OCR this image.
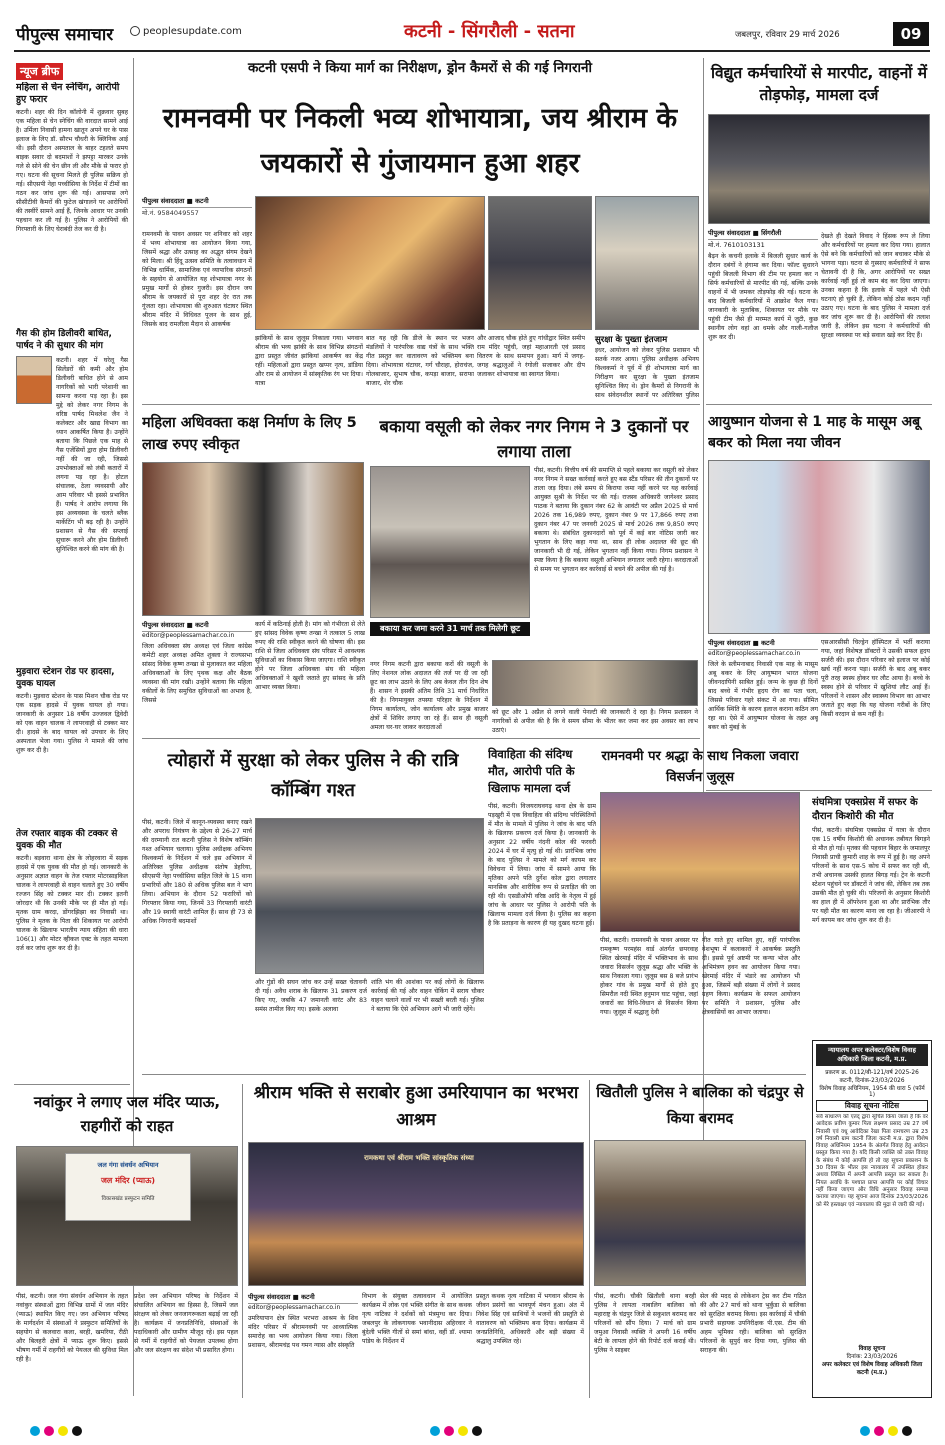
पीपुल्स समाचार	peoplesupdate.com	कटनी - सिंगरौली - सतना	जबलपुर, रविवार 29 मार्च 2026	09
न्यूज ब्रीफ
महिला से चेन स्नेचिंग, आरोपी हुए फरार
कटनी। शहर की दिन कॉलोनी में शुक्रवार सुबह एक महिला से चेन स्नेचिंग की वारदात सामने आई है। उर्मिला निवासी हामना खातून अपने घर के पास इलाज के लिए डॉ. सौरभ चौधरी के क्लिनिक आई थी। इसी दौरान अस्पताल के बाहर टहलते समय बाइक सवार दो बदमाशों ने झपट्टा मारकर उनके गले से सोने की चेन छीन ली और मौके से फरार हो गए। घटना की सूचना मिलते ही पुलिस सक्रिय हो गई। सीएसपी नेहा पच्चीसिया के निर्देश में टीमों का गठन कर जांच शुरू की गई। आसपास लगे सीसीटीवी कैमरों की फुटेज खंगालने पर आरोपियों की तस्वीरें सामने आई हैं, जिनके आधार पर उनकी पहचान कर ली गई है। पुलिस ने आरोपियों की गिरफ्तारी के लिए घेराबंदी तेज कर दी है।
गैस की होम डिलीवरी बाधित, पार्षद ने की सुधार की मांग
कटनी। शहर में घरेलू गैस सिलेंडरों की कमी और होम डिलीवरी बाधित होने से आम नागरिकों को भारी परेशानी का सामना करना पड़ रहा है। इस मुद्दे को लेकर नगर निगम के वरिष्ठ पार्षद मिथलेश जैन ने कलेक्टर और खाद्य विभाग का ध्यान आकर्षित किया है। उन्होंने बताया कि पिछले एक माह से गैस एजेंसियों द्वारा होम डिलीवरी नहीं की जा रही, जिससे उपभोक्ताओं को लंबी कतारों में लगना पड़ रहा है। होटल संचालक, ठेला व्यवसायी और आम परिवार भी इससे प्रभावित हैं। पार्षद ने आरोप लगाया कि इस अव्यवस्था के चलते ब्लैक मार्केटिंग भी बढ़ रही है। उन्होंने प्रशासन से गैस की सप्लाई सुचारू करने और होम डिलीवरी सुनिश्चित करने की मांग की है।
मुड़वारा स्टेशन रोड पर हादसा, युवक घायल
कटनी। मुड़वारा स्टेशन के पास मिशन चौक रोड पर एक सड़क हादसे में युवक घायल हो गया। जानकारी के अनुसार 18 वर्षीय उज्जवल द्विवेदी को एक वाहन चालक ने लापरवाही से टक्कर मार दी। हादसे के बाद घायल को उपचार के लिए अस्पताल भेजा गया। पुलिस ने मामले की जांच शुरू कर दी है।
तेज रफ्तार बाइक की टक्कर से युवक की मौत
कटनी। बड़वारा थाना क्षेत्र के लोहरवारा में सड़क हादसे में एक युवक की मौत हो गई। जानकारी के अनुसार अज्ञात वाहन के तेज रफ्तार मोटरसाइकिल चालक ने लापरवाही से वाहन चलाते हुए 30 वर्षीय रज्जन सिंह को टक्कर मार दी। टक्कर इतनी जोरदार थी कि उनकी मौके पर ही मौत हो गई। मृतक ग्राम करदा, डोंगरझिझा का निवासी था। पुलिस ने मृतक के पिता की शिकायत पर आरोपी चालक के खिलाफ भारतीय न्याय संहिता की धारा 106(1) और मोटर व्हीकल एक्ट के तहत मामला दर्ज कर जांच शुरू कर दी है।
कटनी एसपी ने किया मार्ग का निरीक्षण, ड्रोन कैमरों से की गई निगरानी
रामनवमी पर निकली भव्य शोभायात्रा, जय श्रीराम के जयकारों से गुंजायमान हुआ शहर
पीपुल्स संवाददाता ■ कटनी
मो.नं. 9584049557
रामनवमी के पावन अवसर पर शनिवार को शहर में भव्य शोभायात्रा का आयोजन किया गया, जिसमें श्रद्धा और उत्साह का अद्भुत संगम देखने को मिला। श्री हिंदू उत्सव समिति के तत्वावधान में विभिन्न धार्मिक, सामाजिक एवं व्यापारिक संगठनों के सहयोग से आयोजित यह शोभायात्रा नगर के प्रमुख मार्गों से होकर गुजरी। इस दौरान जय श्रीराम के जयकारों से पूरा शहर देर रात तक गूंजता रहा। शोभायात्रा की शुरुआत घंटाघर स्थित श्रीराम मंदिर में विधिवत पूजन के साथ हुई, जिसके बाद रामलीला मैदान से आकर्षक
झांकियों के साथ जुलूस निकाला गया। भगवान श्रीराम की भव्य झांकी के साथ विभिन्न संगठनों द्वारा प्रस्तुत जीवंत झांकियां आकर्षण का केंद्र रहीं। महिलाओं द्वारा प्रस्तुत खप्पर नृत्य, डांडिया और राम से आयोजन में सांस्कृतिक रंग भर दिया। यात्रा
बात यह रही कि डीजे के स्थान पर भजन मंडलियों ने पारंपरिक वाद्य यंत्रों के साथ भक्ति गीत प्रस्तुत कर वातावरण को भक्तिमय बना दिया। शोभायात्रा घंटाघर, गर्ग चौराहा, होराचंज, गोलबाजार, सुभाष चौक, कपड़ा बाजार, सराफा बाजार, शेर चौक
और आजाद चौक होते हुए गांधीद्वार स्थित समीप राम मंदिर पहुंची, जहां महाआरती एवं प्रसाद वितरण के साथ समापन हुआ। मार्ग में जगह-जगह श्रद्धालुओं ने रंगोली सजाकर और दीप जलाकर शोभायात्रा का स्वागत किया।
सुरक्षा के पुख्ता इंतजाम
इधर, आयोजन को लेकर पुलिस प्रशासन भी सतर्क नजर आया। पुलिस अधीक्षक अभिनय विश्वकर्मा ने पूर्व में ही शोभायात्रा मार्ग का निरीक्षण कर सुरक्षा के पुख्ता इंतजाम सुनिश्चित किए थे। ड्रोन कैमरों से निगरानी के साथ संवेदनशील स्थानों पर अतिरिक्त पुलिस
विद्युत कर्मचारियों से मारपीट, वाहनों में तोड़फोड़, मामला दर्ज
पीपुल्स संवाददाता ■ सिंगरौली
मो.नं. 7610103131
बैढ़न के कचनी इलाके में बिजली सुधार कार्य के दौरान दबंगों ने हंगामा कर दिया। फॉल्ट सुधारने पहुंची बिजली विभाग की टीम पर हमला कर न सिर्फ कर्मचारियों से मारपीट की गई, बल्कि उनके वाहनों में भी जमकर तोड़फोड़ की गई। घटना के बाद बिजली कर्मचारियों में आक्रोश फैल गया। जानकारी के मुताबिक, शिकायत पर मौके पर पहुंची टीम जैसे ही मरम्मत कार्य में जुटी, कुछ स्थानीय लोग वहां आ धमके और गाली-गलौज शुरू कर दी।
देखते ही देखते विवाद ने हिंसक रूप ले लिया और कर्मचारियों पर हमला कर दिया गया। हालात ऐसे बने कि कर्मचारियों को जान बचाकर मौके से भागना पड़ा। घटना से गुस्साए कर्मचारियों ने साफ चेतावनी दी है कि, अगर आरोपियों पर सख्त कार्रवाई नहीं हुई तो काम बंद कर दिया जाएगा। उनका कहना है कि इलाके में पहले भी ऐसी घटनाएं हो चुकी हैं, लेकिन कोई ठोस कदम नहीं उठाए गए। घटना के बाद पुलिस ने मामला दर्ज कर जांच शुरू कर दी है। आरोपियों की तलाश जारी है, लेकिन इस घटना ने कर्मचारियों की सुरक्षा व्यवस्था पर बड़े सवाल खड़े कर दिए हैं।
महिला अधिवक्ता कक्ष निर्माण के लिए 5 लाख रुपए स्वीकृत
पीपुल्स संवाददाता ■ कटनी
editor@peoplessamachar.co.in
जिला अधिवक्ता संघ अध्यक्ष एवं जिला कांग्रेस कमेटी शहर अध्यक्ष अमित शुक्ला ने राज्यसभा सांसद विवेक कृष्ण तन्खा से मुलाकात कर महिला अधिवक्ताओं के लिए पृथक कक्ष और बैठक व्यवस्था की मांग रखी। उन्होंने बताया कि महिला वकीलों के लिए समुचित सुविधाओं का अभाव है, जिससे
कार्य में कठिनाई होती है। मांग को गंभीरता से लेते हुए सांसद विवेक कृष्ण तन्खा ने तत्काल 5 लाख रुपए की राशि स्वीकृत करने की घोषणा की। इस राशि से जिला अधिवक्ता संघ परिसर में आवश्यक सुविधाओं का विकास किया जाएगा। राशि स्वीकृत होने पर जिला अधिवक्ता संघ की महिला अधिवक्ताओं ने खुशी जताते हुए सांसद के प्रति आभार व्यक्त किया।
बकाया वसूली को लेकर नगर निगम ने 3 दुकानों पर लगाया ताला
पीसं, कटनी। वित्तीय वर्ष की समाप्ति से पहले बकाया कर वसूली को लेकर नगर निगम ने सख्त कार्रवाई करते हुए बस स्टैंड परिसर की तीन दुकानों पर ताला जड़ दिया। लंबे समय से किराया जमा नहीं करने पर यह कार्रवाई आयुक्त सुश्री के निर्देश पर की गई। राजस्व अधिकारी जागेश्वर प्रसाद पाठक ने बताया कि दुकान नंबर 62 के आवंटी पर अप्रैल 2025 से मार्च 2026 तक 16,989 रुपए, दुकान नंबर 9 पर 17,866 रुपए तथा दुकान नंबर 47 पर जनवरी 2025 से मार्च 2026 तक 9,850 रुपए बकाया थे। संबंधित दुकानदारों को पूर्व में कई बार नोटिस जारी कर भुगतान के लिए कहा गया था, साथ ही लोक अदालत की छूट की जानकारी भी दी गई, लेकिन भुगतान नहीं किया गया। निगम प्रशासन ने स्पष्ट किया है कि बकाया वसूली अभियान लगातार जारी रहेगा। करदाताओं से समय पर भुगतान कर कार्रवाई से बचने की अपील की गई है।
बकाया कर जमा करने 31 मार्च तक मिलेगी छूट
नगर निगम कटनी द्वारा बकाया करों की वसूली के लिए नेशनल लोक अदालत की तर्ज पर दी जा रही छूट का लाभ उठाने के लिए अब केवल तीन दिन शेष हैं। शासन ने इसकी अंतिम तिथि 31 मार्च निर्धारित की है। निगमायुक्त तपस्या परिहार के निर्देशन में निगम कार्यालय, जोन कार्यालय और प्रमुख बाजार क्षेत्रों में शिविर लगाए जा रहे हैं। साथ ही वसूली अमला घर-घर जाकर करदाताओं
को छूट और 1 अप्रैल से लगने वाली पेनल्टी की जानकारी दे रहा है। निगम प्रशासन ने नागरिकों से अपील की है कि वे समय सीमा के भीतर कर जमा कर इस अवसर का लाभ उठाएं।
आयुष्मान योजना से 1 माह के मासूम अबू बकर को मिला नया जीवन
पीपुल्स संवाददाता ■ कटनी
editor@peoplessamachar.co.in
जिले के स्लीमनाबाद निवासी एक माह के मासूम अबू बकर के लिए आयुष्मान भारत योजना जीवनदायिनी साबित हुई। जन्म के कुछ ही दिनों बाद बच्चे में गंभीर हृदय रोग का पता चला, जिससे परिवार गहरे संकट में आ गया। सीमित आर्थिक स्थिति के कारण इलाज कराना कठिन लग रहा था। ऐसे में आयुष्मान योजना के तहत अबू बकर को मुंबई के
एसआरसीसी चिल्ड्रेन हॉस्पिटल में भर्ती कराया गया, जहां विशेषज्ञ डॉक्टरों ने उसकी सफल हृदय सर्जरी की। इस दौरान परिवार को इलाज पर कोई खर्च नहीं करना पड़ा। सर्जरी के बाद अबू बकर पूरी तरह स्वस्थ होकर घर लौट आया है। बच्चे के स्वस्थ होने से परिवार में खुशियां लौट आई हैं। परिजनों ने शासन और स्वास्थ्य विभाग का आभार जताते हुए कहा कि यह योजना गरीबों के लिए किसी वरदान से कम नहीं है।
त्योहारों में सुरक्षा को लेकर पुलिस ने की रात्रि कॉम्बिंग गश्त
पीसं, कटनी। जिले में कानून-व्यवस्था बनाए रखने और अपराध नियंत्रण के उद्देश्य से 26-27 मार्च की दरम्यानी रात कटनी पुलिस ने विशेष कॉम्बिंग गश्त अभियान चलाया। पुलिस अधीक्षक अभिनय विश्वकर्मा के निर्देशन में चले इस अभियान में अतिरिक्त पुलिस अधीक्षक संतोष डेहरिया, सीएसपी नेहा पच्चीसिया सहित जिले के 15 थाना प्रभारियों और 180 से अधिक पुलिस बल ने भाग लिया। अभियान के दौरान 52 फरारियों को गिरफ्तार किया गया, जिनमें 33 गिरफ्तारी वारंटी और 19 स्थायी वारंटी शामिल हैं। साथ ही 73 से अधिक निगरानी बदमाशों
और गुंडों की सघन जांच कर उन्हें सख्त चेतावनी दी गई। अवैध शराब के खिलाफ 31 प्रकरण दर्ज किए गए, जबकि 47 जमानती वारंट और 83 समंस तामील किए गए। इसके अलावा
शांति भंग की आशंका पर कई लोगों के खिलाफ कार्रवाई की गई और वाहन चेकिंग में सराय चौकर वाहन चलाने वालों पर भी सख्ती बरती गई। पुलिस ने बताया कि ऐसे अभियान आगे भी जारी रहेंगे।
विवाहिता की संदिग्ध मौत, आरोपी पति के खिलाफ मामला दर्ज
पीसं, कटनी। विजयराघवगढ़ थाना क्षेत्र के ग्राम पड़खुरी में एक विवाहिता की संदिग्ध परिस्थितियों में मौत के मामले में पुलिस ने जांच के बाद पति के खिलाफ प्रकरण दर्ज किया है। जानकारी के अनुसार 22 वर्षीय नंदनी कोल की फरवरी 2024 में घर में मृत्यु हो गई थी। प्रारंभिक जांच के बाद पुलिस ने मामले को मर्ग कायम कर विवेचना में लिया। जांच में सामने आया कि मृतिका अपने पति दुर्गेश कोल द्वारा लगातार मानसिक और शारीरिक रूप से प्रताड़ित की जा रही थी। एसडीओपी वरिष्ठ आदि के नेतृत्व में हुई जांच के आधार पर पुलिस ने आरोपी पति के खिलाफ मामला दर्ज किया है। पुलिस का कहना है कि प्रताड़ना के कारण ही यह दुखद घटना हुई।
रामनवमी पर श्रद्धा के साथ निकला जवारा विसर्जन जुलूस
पीसं, कटनी। रामनवमी के पावन अवसर पर रामकृष्ण परमहंस वार्ड अंतर्गत छपरवाह स्थित खेरमाई मंदिर में भक्तिभाव के साथ जवारा विसर्जन जुलूस श्रद्धा और भक्ति के साथ निकाला गया। जुलूस बस 8 बजे प्रारंभ होकर गांव के प्रमुख मार्गों से होते हुए सिमरौल नदी स्थित हनुमान घाट पहुंचा, जहां जवारों का विधि-विधान से विसर्जन किया गया। जुलूस में श्रद्धालु देवी
गीत गाते हुए शामिल हुए, वहीं पारंपरिक वेशभूषा में कलाकारों ने आकर्षक प्रस्तुति दी। इससे पूर्व अष्टमी पर कन्या भोज और अभिमंत्रण हवन का आयोजन किया गया। खेरमाई मंदिर में भंडारे का आयोजन भी हुआ, जिसमें बड़ी संख्या में लोगों ने प्रसाद ग्रहण किया। कार्यक्रम के सफल आयोजन पर समिति ने प्रशासन, पुलिस और क्षेत्रवासियों का आभार जताया।
संघमित्रा एक्सप्रेस में सफर के दौरान किशोरी की मौत
पीसं, कटनी। संघमित्रा एक्सप्रेस में यात्रा के दौरान एक 15 वर्षीय किशोरी की अचानक तबीयत बिगड़ने से मौत हो गई। मृतका की पहचान बिहार के जमालपुर निवासी प्राची कुमारी शाह के रूप में हुई है। वह अपने परिजनों के साथ एस-5 कोच में सफर कर रही थी, तभी अचानक उसकी हालत बिगड़ गई। ट्रेन के कटनी स्टेशन पहुंचने पर डॉक्टरों ने जांच की, लेकिन तब तक उसकी मौत हो चुकी थी। परिजनों के अनुसार किशोरी का हाल ही में ऑपरेशन हुआ था और प्रारंभिक तौर पर यही मौत का कारण माना जा रहा है। जीआरपी ने मर्ग कायम कर जांच शुरू कर दी है।
न्यायालय अपर कलेक्टर/विशेष विवाह अधिकारी जिला कटनी, म.प्र.
प्रकरण क्र. 0112/बी-121/वर्ष 2025-26
कटनी, दिनांक-23/03/2026
विशेष विवाह अधिनियम, 1954 की धारा 5 (फॉर्म 1)
विवाह सूचना नोटिस
सर्व साधारण को एतद् द्वारा सूचित किया जाता है कि वर आवेदक प्रवीण कुमार पिता लक्ष्मण प्रसाद उम्र 27 वर्ष निवासी एवं वधू आवेदिका रेखा पिता रामचरण उम्र 23 वर्ष निवासी ग्राम कटनी जिला कटनी म.प्र. द्वारा विशेष विवाह अधिनियम 1954 के अंतर्गत विवाह हेतु आवेदन प्रस्तुत किया गया है। यदि किसी व्यक्ति को उक्त विवाह के संबंध में कोई आपत्ति हो तो वह सूचना प्रकाशन के 30 दिवस के भीतर इस न्यायालय में उपस्थित होकर अथवा लिखित में अपनी आपत्ति प्रस्तुत कर सकता है। नियत अवधि के पश्चात प्राप्त आपत्ति पर कोई विचार नहीं किया जाएगा और विधि अनुसार विवाह सम्पन्न कराया जाएगा। यह सूचना आज दिनांक 23/03/2026 को मेरे हस्ताक्षर एवं न्यायालय की मुद्रा से जारी की गई।
विवाह सूचना
दिनांक: 23/03/2026
अपर कलेक्टर एवं विशेष विवाह अधिकारी जिला कटनी (म.प्र.)
नवांकुर ने लगाए जल मंदिर प्याऊ, राहगीरों को राहत
जल गंगा संवर्धन अभियान
जल मंदिर (प्याऊ)
विकासखंड प्रस्फुटन समिति
पीसं, कटनी। जल गंगा संवर्धन अभियान के तहत नवांकुर संस्थाओं द्वारा विभिन्न ग्रामों में जल मंदिर (प्याऊ) स्थापित किए गए। जन अभियान परिषद के मार्गदर्शन में संस्थाओं ने प्रस्फुटन समितियों के सहयोग से कलवारा कला, बरही, खमरिया, रीठी और बिलहरी क्षेत्रों में प्याऊ शुरू किए। इससे भीषण गर्मी में राहगीरों को पेयजल की सुविधा मिल रही है।
प्रदेश जन अभियान परिषद के निर्देशन में संचालित अभियान का हिस्सा है, जिसमें जल संरक्षण को लेकर जनजागरूकता बढ़ाई जा रही है। कार्यक्रम में जनप्रतिनिधि, संस्थाओं के पदाधिकारी और ग्रामीण मौजूद रहे। इस पहल से गर्मी में राहगीरों को पेयजल उपलब्ध होगा और जल संरक्षण का संदेश भी प्रसारित होगा।
श्रीराम भक्ति से सराबोर हुआ उमरियापान का भरभरा आश्रम
रामकथा एवं श्रीराम भक्ति सांस्कृतिक संध्या
पीपुल्स संवाददाता ■ कटनी
editor@peoplessamachar.co.in
उमरियापान क्षेत्र स्थित भरभरा आश्रम के शिव मंदिर परिसर में श्रीरामनवमी पर आध्यात्मिक समारोह का भव्य आयोजन किया गया। जिला प्रशासन, श्रीरामचंद्र पथ गमन न्यास और संस्कृति
विभाग के संयुक्त तत्वावधान में आयोजित कार्यक्रम में लोक एवं भक्ति संगीत के साथ कथक नृत्य नाटिका ने दर्शकों को मंत्रमुग्ध कर दिया। जबलपुर के लोकगायक भवानीदास अहिरवार ने बुंदेली भक्ति गीतों से समां बांधा, वहीं डॉ. श्यामा पांडेय के निर्देशन में
प्रस्तुत कथक नृत्य नाटिका में भगवान श्रीराम के जीवन प्रसंगों का भावपूर्ण मंचन हुआ। अंत में निवेश सिंह एवं साथियों ने भजनों की प्रस्तुति से वातावरण को भक्तिमय बना दिया। कार्यक्रम में जनप्रतिनिधि, अधिकारी और बड़ी संख्या में श्रद्धालु उपस्थित रहे।
खितौली पुलिस ने बालिका को चंद्रपुर से किया बरामद
पीसं, कटनी। चौकी खितौली थाना बरही पुलिस ने लापता नाबालिग बालिका को महाराष्ट्र के चंद्रपुर जिले से सकुशल बरामद कर परिजनों को सौंप दिया। 7 मार्च को ग्राम जमुआ निवासी व्यक्ति ने अपनी 16 वर्षीय बेटी के लापता होने की रिपोर्ट दर्ज कराई थी। पुलिस ने साइबर
सेल की मदद से लोकेशन ट्रेस कर टीम गठित की और 27 मार्च को थाना भुर्कुंडा से बालिका को सुरक्षित बरामद किया। इस कार्रवाई में चौकी प्रभारी सहायक उपनिरीक्षक पी.एस. टीम की अहम भूमिका रही। बालिका को सुरक्षित परिजनों के सुपुर्द कर दिया गया, पुलिस की सराहना की।
